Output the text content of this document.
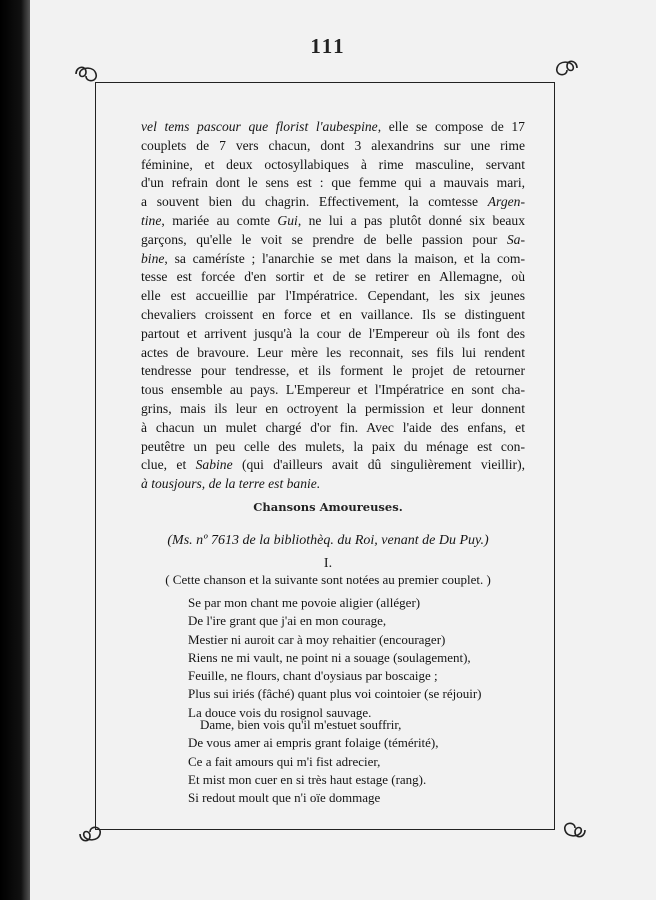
111
vel tems pascour que florist l'aubespine, elle se compose de 17
couplets de 7 vers chacun, dont 3 alexandrins sur une rime
féminine, et deux octosyllabiques à rime masculine, servant
d'un refrain dont le sens est : que femme qui a mauvais mari,
a souvent bien du chagrin. Effectivement, la comtesse Argen-
tine, mariée au comte Gui, ne lui a pas plutôt donné six beaux
garçons, qu'elle le voit se prendre de belle passion pour Sa-
bine, sa caméríste ; l'anarchie se met dans la maison, et la com-
tesse est forcée d'en sortir et de se retirer en Allemagne, où
elle est accueillie par l'Impératrice. Cependant, les six jeunes
chevaliers croissent en force et en vaillance. Ils se distinguent
partout et arrivent jusqu'à la cour de l'Empereur où ils font des
actes de bravoure. Leur mère les reconnait, ses fils lui rendent
tendresse pour tendresse, et ils forment le projet de retourner
tous ensemble au pays. L'Empereur et l'Impératrice en sont cha-
grins, mais ils leur en octroyent la permission et leur donnent
à chacun un mulet chargé d'or fin. Avec l'aide des enfans, et
peutêtre un peu celle des mulets, la paix du ménage est con-
clue, et Sabine (qui d'ailleurs avait dû singulièrement vieillir),
à tousjours, de la terre est banie.
Chansons Amoureuses.
(Ms. nº 7613 de la bibliothèq. du Roi, venant de Du Puy.)
I.
( Cette chanson et la suivante sont notées au premier couplet. )
Se par mon chant me povoie aligier (alléger)
De l'ire grant que j'ai en mon courage,
Mestier ni auroit car à moy rehaitier (encourager)
Riens ne mi vault, ne point ni a souage (soulagement),
Feuille, ne flours, chant d'oysiaus par boscaige ;
Plus sui iriés (fâché) quant plus voi cointoier (se réjouir)
La douce vois du rosignol sauvage.
Dame, bien vois qu'il m'estuet souffrir,
De vous amer ai empris grant folaige (témérité),
Ce a fait amours qui m'i fist adrecier,
Et mist mon cuer en si très haut estage (rang).
Si redout moult que n'i oïe dommage
